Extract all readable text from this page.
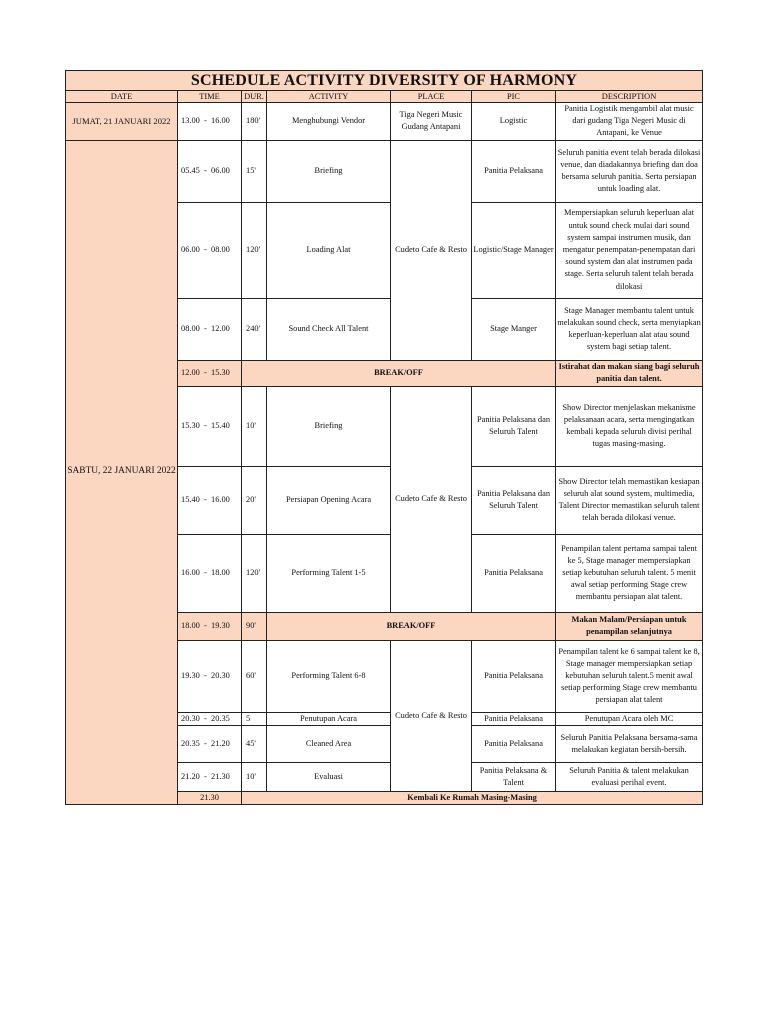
SCHEDULE ACTIVITY DIVERSITY OF HARMONY						
DATE	TIME	DUR.	ACTIVITY	PLACE	PIC	DESCRIPTION
JUMAT, 21 JANUARI 2022	13.00  -  16.00	180'	Menghubungi Vendor	Tiga Negeri Music Gudang Antapani	Logistic	Panitia Logistik mengambil alat music dari gudang Tiga Negeri Music di Antapani, ke Venue
SABTU, 22 JANUARI 2022	05.45  -  06.00	15'	Briefing	Cudeto Cafe & Resto	Panitia Pelaksana	Seluruh panitia event telah berada dilokasi venue, dan diadakannya briefing dan doa bersama seluruh panitia. Serta persiapan untuk loading alat.
	06.00  -  08.00	120'	Loading Alat		Logistic/Stage Manager	Mempersiapkan seluruh keperluan alat untuk sound check mulai dari sound system sampai instrumen musik, dan mengatur penempatan-penempatan dari sound system dan alat instrumen pada stage. Serta seluruh talent telah berada dilokasi
	08.00  -  12.00	240'	Sound Check All Talent		Stage Manger	Stage Manager membantu talent untuk melakukan sound check, serta menyiapkan keperluan-keperluan alat atau sound system bagi setiap talent.
	12.00  -  15.30	BREAK/OFF				Istirahat dan makan siang bagi seluruh panitia dan talent.
	15.30  -  15.40	10'	Briefing	Cudeto Cafe & Resto	Panitia Pelaksana dan Seluruh Talent	Show Director menjelaskan mekanisme pelaksanaan acara, serta mengingatkan kembali kepada seluruh divisi perihal tugas masing-masing.
	15.40  -  16.00	20'	Persiapan Opening Acara		Panitia Pelaksana dan Seluruh Talent	Show Director telah memastikan kesiapan seluruh alat sound system, multimedia, Talent Director memastikan seluruh talent telah berada dilokasi venue.
	16.00  -  18.00	120'	Performing Talent 1-5		Panitia Pelaksana	Penampilan talent pertama sampai talent ke 5, Stage manager mempersiapkan setiap kebutuhan seluruh talent. 5 menit awal setiap performing Stage crew membantu persiapan alat talent.
	18.00  -  19.30	90'	BREAK/OFF			Makan Malam/Persiapan untuk penampilan selanjutnya
	19.30  -  20.30	60'	Performing Talent 6-8	Cudeto Cafe & Resto	Panitia Pelaksana	Penampilan talent ke 6 sampai talent ke 8, Stage manager mempersiapkan setiap kebutuhan seluruh talent.5 menit awal setiap performing Stage crew membantu persiapan alat talent
	20.30  -  20.35	5	Penutupan Acara		Panitia Pelaksana	Penutupan Acara oleh MC
	20.35  -  21.20	45'	Cleaned Area		Panitia Pelaksana	Seluruh Panitia Pelaksana bersama-sama melakukan kegiatan bersih-bersih.
	21.20  -  21.30	10'	Evaluasi		Panitia Pelaksana & Talent	Seluruh Panitia & talent melakukan evaluasi perihal event.
	21.30	Kembali Ke Rumah Masing-Masing				
